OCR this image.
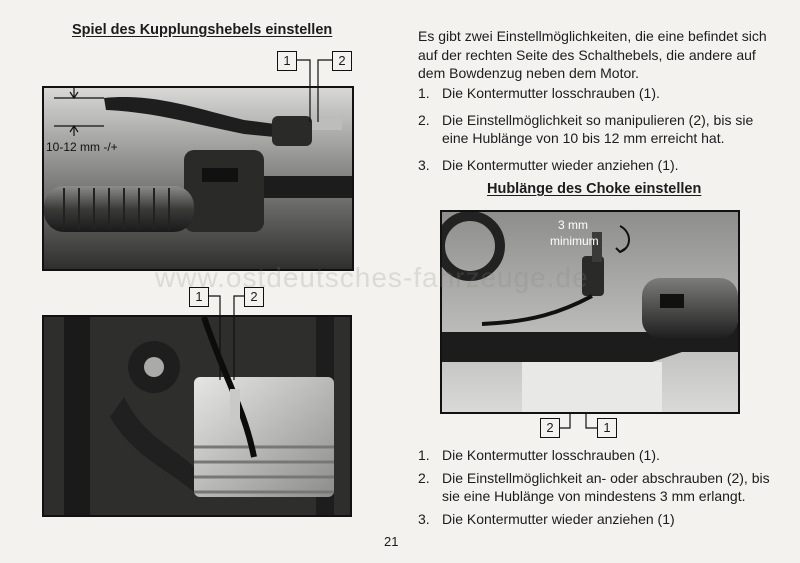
Spiel des Kupplungshebels einstellen
1	2
10-12 mm -/+
1	2

Es gibt zwei Einstellmöglichkeiten, die eine befindet sich auf der rechten Seite des Schalthebels, die andere auf dem Bowdenzug neben dem Motor.

1. Die Kontermutter losschrauben (1).
2. Die Einstellmöglichkeit so manipulieren (2), bis sie eine Hublänge von 10 bis 12 mm erreicht hat.
3. Die Kontermutter wieder anziehen (1).
Hublänge des Choke einstellen
3 mm
minimum
2	1
1. Die Kontermutter losschrauben (1).
2. Die Einstellmöglichkeit an- oder abschrauben (2), bis sie eine Hublänge von mindestens 3 mm erlangt.
3. Die Kontermutter wieder anziehen (1)
www.ostdeutsches-fahrzeuge.de
21
